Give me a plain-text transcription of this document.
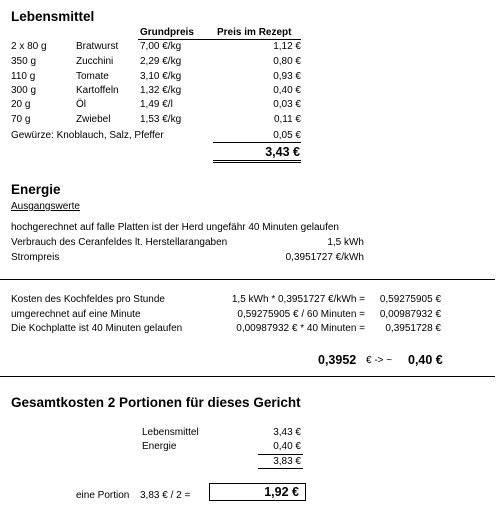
Lebensmittel
Grundpreis Preis im Rezept
2 x 80 g	Bratwurst 7,00 €/kg	1,12 €
350 g	Zucchini	2,29 €/kg	0,80 €
110 g	Tomate	3,10 €/kg	0,93 €
300 g	Kartoffeln 1,32 €/kg	0,40 €
20 g	Öl	1,49 €/l	0,03 €
70 g	Zwiebel	1,53 €/kg	0,11 €
Gewürze: Knoblauch, Salz, Pfeffer	0,05 €
3,43 €
Energie
Ausgangswerte
hochgerechnet auf falle Platten ist der Herd ungefähr 40 Minuten gelaufen
Verbrauch des Ceranfeldes lt. Herstellarangaben	1,5 kWh
Strompreis	0,3951727 €/kWh
Kosten des Kochfeldes pro Stunde	1,5 kWh * 0,3951727 €/kWh =	0,59275905 €
umgerechnet auf eine Minute	0,59275905 € / 60 Minuten =	0,00987932 €
Die Kochplatte ist 40 Minuten gelaufen	0,00987932 € * 40 Minuten =	0,3951728 €
0,3952 € -> ~ 0,40 €
Gesamtkosten 2 Portionen für dieses Gericht
Lebensmittel	3,43 €
Energie	0,40 €
3,83 €
eine Portion 3,83 € / 2 =	1,92 €
